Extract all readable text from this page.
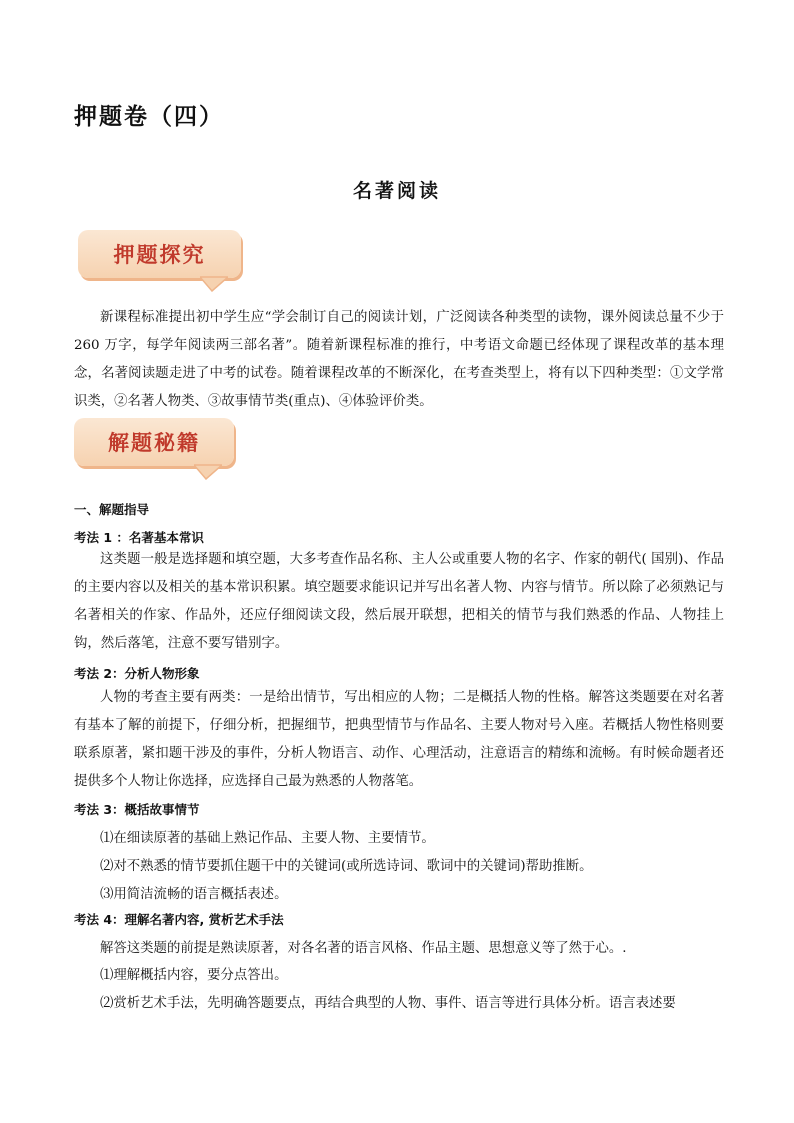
押题卷（四）
名著阅读
押题探究

新课程标准提出初中学生应“学会制订自己的阅读计划，广泛阅读各种类型的读物，课外阅读总量不少于 260 万字，每学年阅读两三部名著”。随着新课程标准的推行，中考语文命题已经体现了课程改革的基本理念，名著阅读题走进了中考的试卷。随着课程改革的不断深化，在考查类型上，将有以下四种类型：①文学常识类，②名著人物类、③故事情节类(重点)、④体验评价类。

解题秘籍

一、解题指导

考法 1 ：名著基本常识

这类题一般是选择题和填空题，大多考查作品名称、主人公或重要人物的名字、作家的朝代( 国别)、作品的主要内容以及相关的基本常识积累。填空题要求能识记并写出名著人物、内容与情节。所以除了必须熟记与名著相关的作家、作品外，还应仔细阅读文段，然后展开联想，把相关的情节与我们熟悉的作品、人物挂上钩，然后落笔，注意不要写错别字。

考法 2：分析人物形象

人物的考查主要有两类：一是给出情节，写出相应的人物；二是概括人物的性格。解答这类题要在对名著有基本了解的前提下，仔细分析，把握细节，把典型情节与作品名、主要人物对号入座。若概括人物性格则要联系原著，紧扣题干涉及的事件，分析人物语言、动作、心理活动，注意语言的精练和流畅。有时候命题者还提供多个人物让你选择，应选择自己最为熟悉的人物落笔。

考法 3：概括故事情节

⑴在细读原著的基础上熟记作品、主要人物、主要情节。

⑵对不熟悉的情节要抓住题干中的关键词(或所选诗词、歌词中的关键词)帮助推断。

⑶用简洁流畅的语言概括表述。

考法 4：理解名著内容, 赏析艺术手法

解答这类题的前提是熟读原著，对各名著的语言风格、作品主题、思想意义等了然于心。.

⑴理解概括内容，要分点答出。

⑵赏析艺术手法，先明确答题要点，再结合典型的人物、事件、语言等进行具体分析。语言表述要
